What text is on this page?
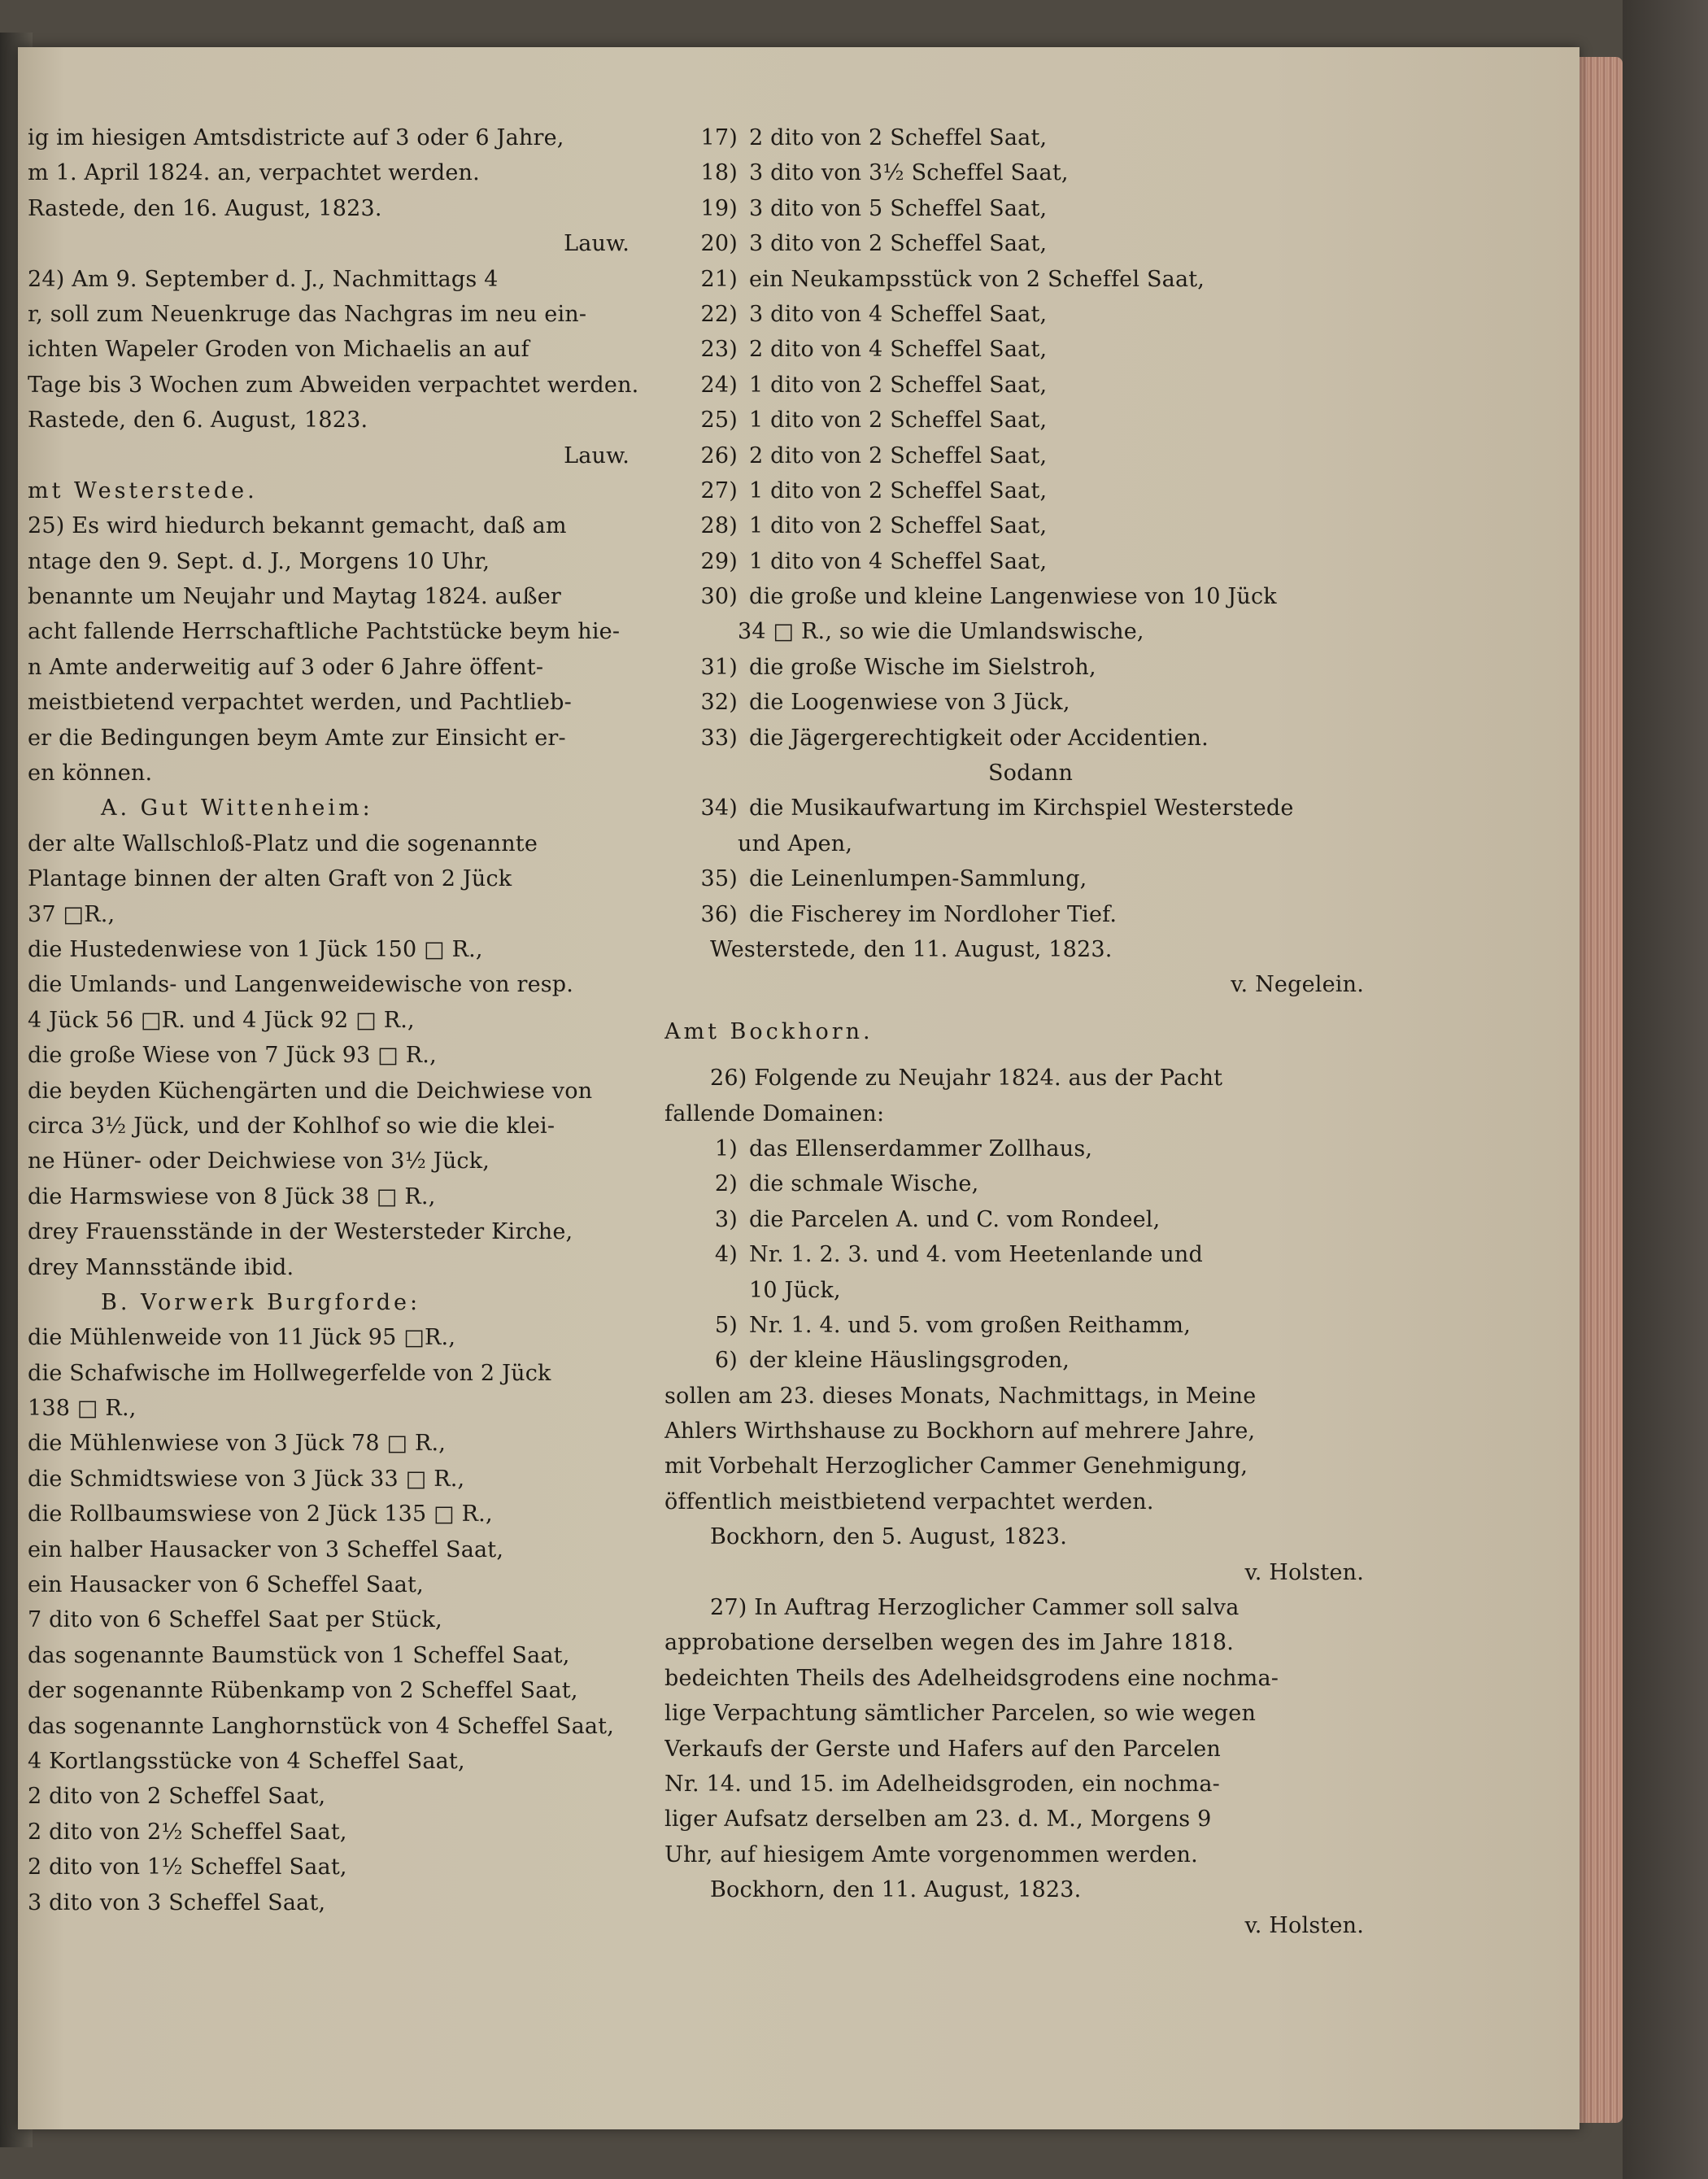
ig im hiesigen Amtsdistricte auf 3 oder 6 Jahre,
m 1. April 1824. an, verpachtet werden.
Rastede, den 16. August, 1823.
Lauw.
24) Am 9. September d. J., Nachmittags 4
r, soll zum Neuenkruge das Nachgras im neu ein-
ichten Wapeler Groden von Michaelis an auf
Tage bis 3 Wochen zum Abweiden verpachtet werden.
Rastede, den 6. August, 1823.
Lauw.
mt Westerstede.
25) Es wird hiedurch bekannt gemacht, daß am
ntage den 9. Sept. d. J., Morgens 10 Uhr,
benannte um Neujahr und Maytag 1824. außer
acht fallende Herrschaftliche Pachtstücke beym hie-
n Amte anderweitig auf 3 oder 6 Jahre öffent-
meistbietend verpachtet werden, und Pachtlieb-
er die Bedingungen beym Amte zur Einsicht er-
en können.
A. Gut Wittenheim:
der alte Wallschloß-Platz und die sogenannte
Plantage binnen der alten Graft von 2 Jück
37 □R.,
die Hustedenwiese von 1 Jück 150 □ R.,
die Umlands- und Langenweidewische von resp.
4 Jück 56 □R. und 4 Jück 92 □ R.,
die große Wiese von 7 Jück 93 □ R.,
die beyden Küchengärten und die Deichwiese von
circa 3½ Jück, und der Kohlhof so wie die klei-
ne Hüner- oder Deichwiese von 3½ Jück,
die Harmswiese von 8 Jück 38 □ R.,
drey Frauensstände in der Westersteder Kirche,
drey Mannsstände ibid.
B. Vorwerk Burgforde:
die Mühlenweide von 11 Jück 95 □R.,
die Schafwische im Hollwegerfelde von 2 Jück
138 □ R.,
die Mühlenwiese von 3 Jück 78 □ R.,
die Schmidtswiese von 3 Jück 33 □ R.,
die Rollbaumswiese von 2 Jück 135 □ R.,
ein halber Hausacker von 3 Scheffel Saat,
ein Hausacker von 6 Scheffel Saat,
7 dito von 6 Scheffel Saat per Stück,
das sogenannte Baumstück von 1 Scheffel Saat,
der sogenannte Rübenkamp von 2 Scheffel Saat,
das sogenannte Langhornstück von 4 Scheffel Saat,
4 Kortlangsstücke von 4 Scheffel Saat,
2 dito von 2 Scheffel Saat,
2 dito von 2½ Scheffel Saat,
2 dito von 1½ Scheffel Saat,
3 dito von 3 Scheffel Saat,
17) 2 dito von 2 Scheffel Saat,
18) 3 dito von 3½ Scheffel Saat,
19) 3 dito von 5 Scheffel Saat,
20) 3 dito von 2 Scheffel Saat,
21) ein Neukampsstück von 2 Scheffel Saat,
22) 3 dito von 4 Scheffel Saat,
23) 2 dito von 4 Scheffel Saat,
24) 1 dito von 2 Scheffel Saat,
25) 1 dito von 2 Scheffel Saat,
26) 2 dito von 2 Scheffel Saat,
27) 1 dito von 2 Scheffel Saat,
28) 1 dito von 2 Scheffel Saat,
29) 1 dito von 4 Scheffel Saat,
30) die große und kleine Langenwiese von 10 Jück
34 □ R., so wie die Umlandswische,
31) die große Wische im Sielstroh,
32) die Loogenwiese von 3 Jück,
33) die Jägergerechtigkeit oder Accidentien.
Sodann
34) die Musikaufwartung im Kirchspiel Westerstede
und Apen,
35) die Leinenlumpen-Sammlung,
36) die Fischerey im Nordloher Tief.
Westerstede, den 11. August, 1823.
v. Negelein.
Amt Bockhorn.
26) Folgende zu Neujahr 1824. aus der Pacht
fallende Domainen:
1) das Ellenserdammer Zollhaus,
2) die schmale Wische,
3) die Parcelen A. und C. vom Rondeel,
4) Nr. 1. 2. 3. und 4. vom Heetenlande und
10 Jück,
5) Nr. 1. 4. und 5. vom großen Reithamm,
6) der kleine Häuslingsgroden,
sollen am 23. dieses Monats, Nachmittags, in Meine
Ahlers Wirthshause zu Bockhorn auf mehrere Jahre,
mit Vorbehalt Herzoglicher Cammer Genehmigung,
öffentlich meistbietend verpachtet werden.
Bockhorn, den 5. August, 1823.
v. Holsten.
27) In Auftrag Herzoglicher Cammer soll salva
approbatione derselben wegen des im Jahre 1818.
bedeichten Theils des Adelheidsgrodens eine nochma-
lige Verpachtung sämtlicher Parcelen, so wie wegen
Verkaufs der Gerste und Hafers auf den Parcelen
Nr. 14. und 15. im Adelheidsgroden, ein nochma-
liger Aufsatz derselben am 23. d. M., Morgens 9
Uhr, auf hiesigem Amte vorgenommen werden.
Bockhorn, den 11. August, 1823.
v. Holsten.
